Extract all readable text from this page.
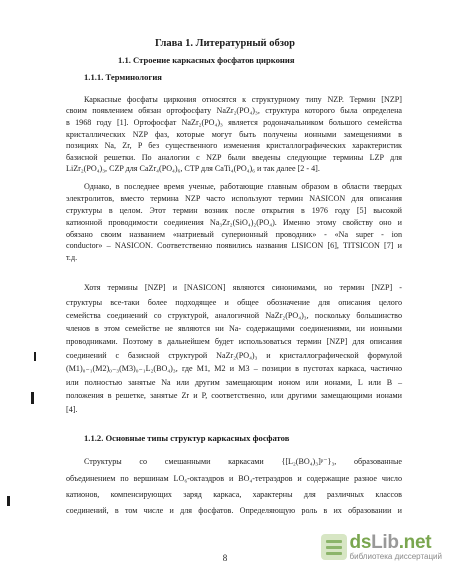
Глава 1. Литературный обзор
1.1. Строение каркасных фосфатов циркония
1.1.1. Терминология
Каркасные фосфаты циркония относятся к структурному типу NZP. Термин [NZP]
своим появлением обязан ортофосфату NaZr₂(PO₄)₃, структура которого была определена
в 1968 году [1]. Ортофосфат NaZr₂(PO₄)₃ является родоначальником большого семейства
кристаллических NZP фаз, которые могут быть получены ионными замещениями в
позициях Na, Zr, P без существенного изменения кристаллографических характеристик
базисной решетки. По аналогии с NZP были введены следующие термины LZP для
LiZr₂(PO₄)₃, CZP для CaZr₄(PO₄)₆, CTP для CaTi₄(PO₄)₆ и так далее [2 - 4].
Однако, в последнее время ученые, работающие главным образом в области твердых
электролитов, вместо термина NZP часто используют термин NASICON для описания
структуры в целом. Этот термин возник после открытия в 1976 году [5] высокой
катионной проводимости соединения Na₃Zr₂(SiO₄)₂(PO₄). Именно этому свойству оно и
обязано своим названием «натриевый суперионный проводник» - «Na super - ion
conductor» – NASICON. Соответственно появились названия LISICON [6], TITSICON [7] и
т.д.
Хотя термины [NZP] и [NASICON] являются синонимами, но термин [NZP] -
структуры все-таки более подходящее и общее обозначение для описания целого
семейства соединений со структурой, аналогичной NaZr₂(PO₄)₃, поскольку большинство
членов в этом семействе не являются ни Na- содержащими соединениями, ни ионными
проводниками. Поэтому в дальнейшем будет использоваться термин [NZP] для описания
соединений с базисной структурой NaZr₂(PO₄)₃ и кристаллографической формулой
(M1)₀₋₁(M2)₀₋₃(M3)₀₋₁L₂(BO₄)₃, где M1, M2 и M3 – позиции в пустотах каркаса, частично
или полностью занятые Na или другим замещающим ионом или ионами, L или B –
положения в решетке, занятые Zr и P, соответственно, или другими замещающими ионами
[4].
1.1.2. Основные типы структур каркасных фосфатов
Структуры со смешанными каркасами {[L₂(BO₄)₃]ᵖ⁻}₃, образованные
объединением по вершинам LO₆-октаэдров и BO₄-тетраэдров и содержащие разное число
катионов, компенсирующих заряд каркаса, характерны для различных классов
соединений, в том числе и для фосфатов. Определяющую роль в их образовании и
8
dsLib.net
библиотека диссертаций
